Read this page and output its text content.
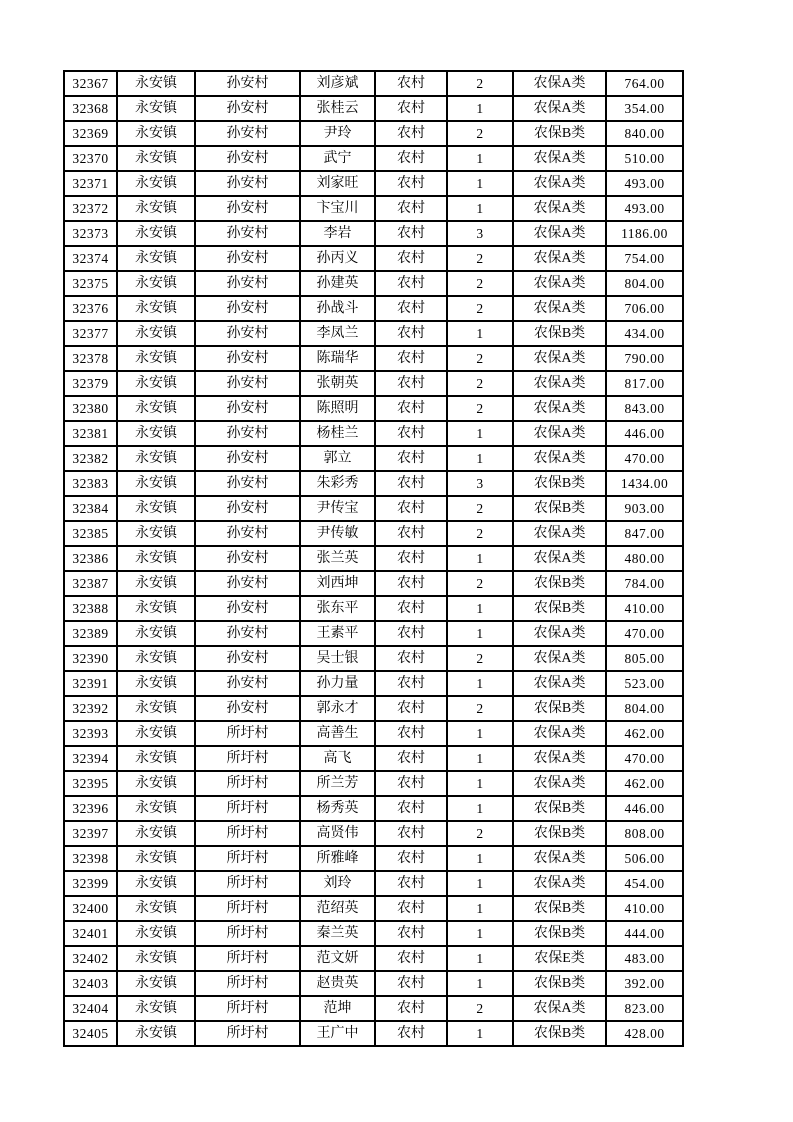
32367	永安镇	孙安村	刘彦斌	农村	2	农保A类	764.00
32368	永安镇	孙安村	张桂云	农村	1	农保A类	354.00
32369	永安镇	孙安村	尹玲	农村	2	农保B类	840.00
32370	永安镇	孙安村	武宁	农村	1	农保A类	510.00
32371	永安镇	孙安村	刘家旺	农村	1	农保A类	493.00
32372	永安镇	孙安村	卞宝川	农村	1	农保A类	493.00
32373	永安镇	孙安村	李岩	农村	3	农保A类	1186.00
32374	永安镇	孙安村	孙丙义	农村	2	农保A类	754.00
32375	永安镇	孙安村	孙建英	农村	2	农保A类	804.00
32376	永安镇	孙安村	孙战斗	农村	2	农保A类	706.00
32377	永安镇	孙安村	李凤兰	农村	1	农保B类	434.00
32378	永安镇	孙安村	陈瑞华	农村	2	农保A类	790.00
32379	永安镇	孙安村	张朝英	农村	2	农保A类	817.00
32380	永安镇	孙安村	陈照明	农村	2	农保A类	843.00
32381	永安镇	孙安村	杨桂兰	农村	1	农保A类	446.00
32382	永安镇	孙安村	郭立	农村	1	农保A类	470.00
32383	永安镇	孙安村	朱彩秀	农村	3	农保B类	1434.00
32384	永安镇	孙安村	尹传宝	农村	2	农保B类	903.00
32385	永安镇	孙安村	尹传敏	农村	2	农保A类	847.00
32386	永安镇	孙安村	张兰英	农村	1	农保A类	480.00
32387	永安镇	孙安村	刘西坤	农村	2	农保B类	784.00
32388	永安镇	孙安村	张东平	农村	1	农保B类	410.00
32389	永安镇	孙安村	王素平	农村	1	农保A类	470.00
32390	永安镇	孙安村	吴士银	农村	2	农保A类	805.00
32391	永安镇	孙安村	孙力量	农村	1	农保A类	523.00
32392	永安镇	孙安村	郭永才	农村	2	农保B类	804.00
32393	永安镇	所圩村	高善生	农村	1	农保A类	462.00
32394	永安镇	所圩村	高飞	农村	1	农保A类	470.00
32395	永安镇	所圩村	所兰芳	农村	1	农保A类	462.00
32396	永安镇	所圩村	杨秀英	农村	1	农保B类	446.00
32397	永安镇	所圩村	高贤伟	农村	2	农保B类	808.00
32398	永安镇	所圩村	所雅峰	农村	1	农保A类	506.00
32399	永安镇	所圩村	刘玲	农村	1	农保A类	454.00
32400	永安镇	所圩村	范绍英	农村	1	农保B类	410.00
32401	永安镇	所圩村	秦兰英	农村	1	农保B类	444.00
32402	永安镇	所圩村	范文妍	农村	1	农保E类	483.00
32403	永安镇	所圩村	赵贵英	农村	1	农保B类	392.00
32404	永安镇	所圩村	范坤	农村	2	农保A类	823.00
32405	永安镇	所圩村	王广中	农村	1	农保B类	428.00
